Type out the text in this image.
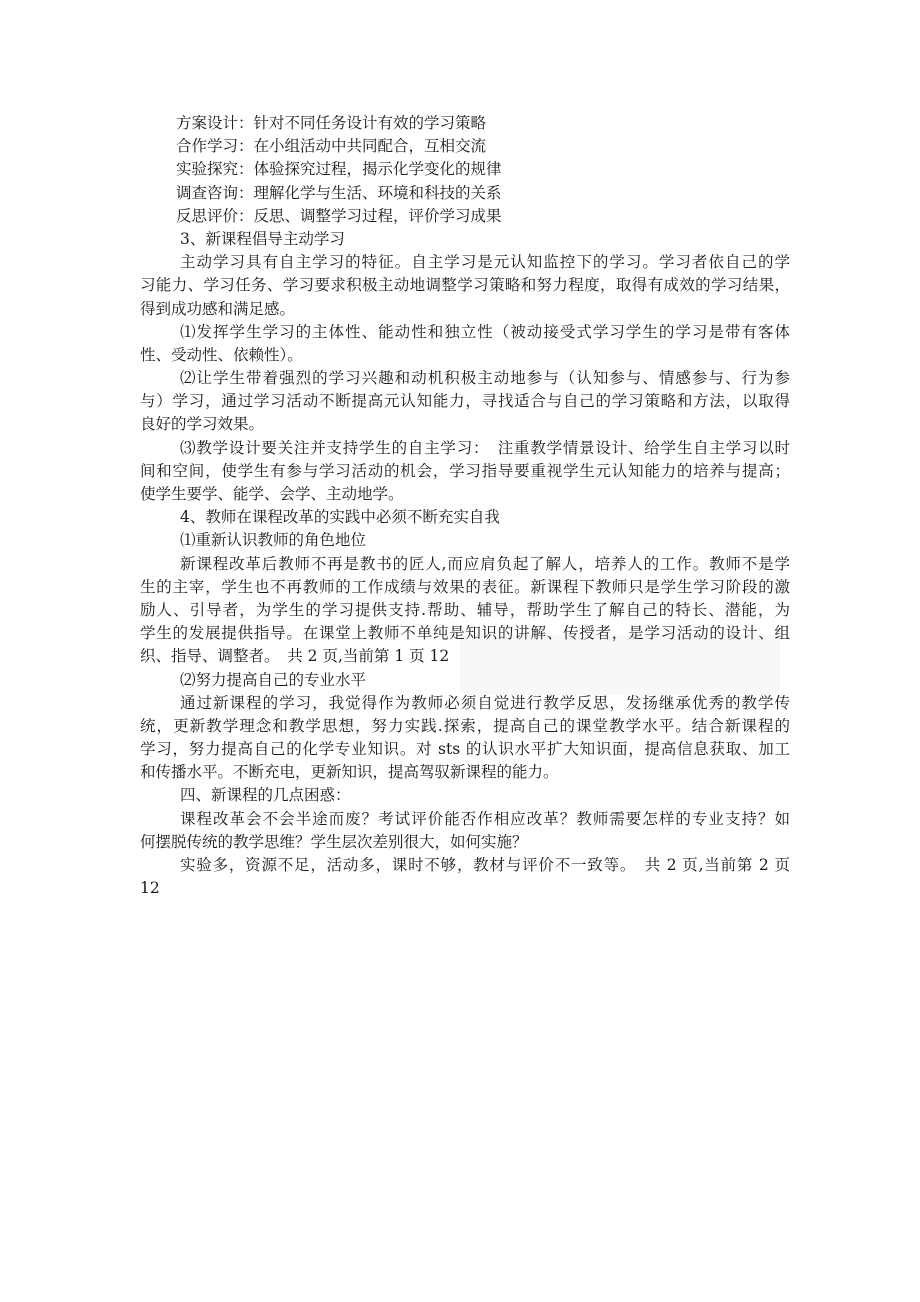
方案设计：针对不同任务设计有效的学习策略
合作学习：在小组活动中共同配合，互相交流
实验探究：体验探究过程，揭示化学变化的规律
调查咨询：理解化学与生活、环境和科技的关系
反思评价：反思、调整学习过程，评价学习成果
3、新课程倡导主动学习
主动学习具有自主学习的特征。自主学习是元认知监控下的学习。学习者依自己的学
习能力、学习任务、学习要求积极主动地调整学习策略和努力程度，取得有成效的学习结果，
得到成功感和满足感。
⑴发挥学生学习的主体性、能动性和独立性（被动接受式学习学生的学习是带有客体
性、受动性、依赖性）。
⑵让学生带着强烈的学习兴趣和动机积极主动地参与（认知参与、情感参与、行为参
与）学习，通过学习活动不断提高元认知能力，寻找适合与自己的学习策略和方法，以取得
良好的学习效果。
⑶教学设计要关注并支持学生的自主学习：　注重教学情景设计、给学生自主学习以时
间和空间，使学生有参与学习活动的机会，学习指导要重视学生元认知能力的培养与提高；
使学生要学、能学、会学、主动地学。
4、教师在课程改革的实践中必须不断充实自我
⑴重新认识教师的角色地位
新课程改革后教师不再是教书的匠人,而应肩负起了解人，培养人的工作。教师不是学
生的主宰，学生也不再教师的工作成绩与效果的表征。新课程下教师只是学生学习阶段的激
励人、引导者，为学生的学习提供支持.帮助、辅导，帮助学生了解自己的特长、潜能，为
学生的发展提供指导。在课堂上教师不单纯是知识的讲解、传授者，是学习活动的设计、组
织、指导、调整者。　共 2 页,当前第 1 页 12
⑵努力提高自己的专业水平
通过新课程的学习，我觉得作为教师必须自觉进行教学反思，发扬继承优秀的教学传
统，更新教学理念和教学思想，努力实践.探索，提高自己的课堂教学水平。结合新课程的
学习，努力提高自己的化学专业知识。对 sts 的认识水平扩大知识面，提高信息获取、加工
和传播水平。不断充电，更新知识，提高驾驭新课程的能力。
四、新课程的几点困惑：
课程改革会不会半途而废？考试评价能否作相应改革？教师需要怎样的专业支持？如
何摆脱传统的教学思维？学生层次差别很大，如何实施？
实验多，资源不足，活动多，课时不够，教材与评价不一致等。　共 2 页,当前第 2 页
12
